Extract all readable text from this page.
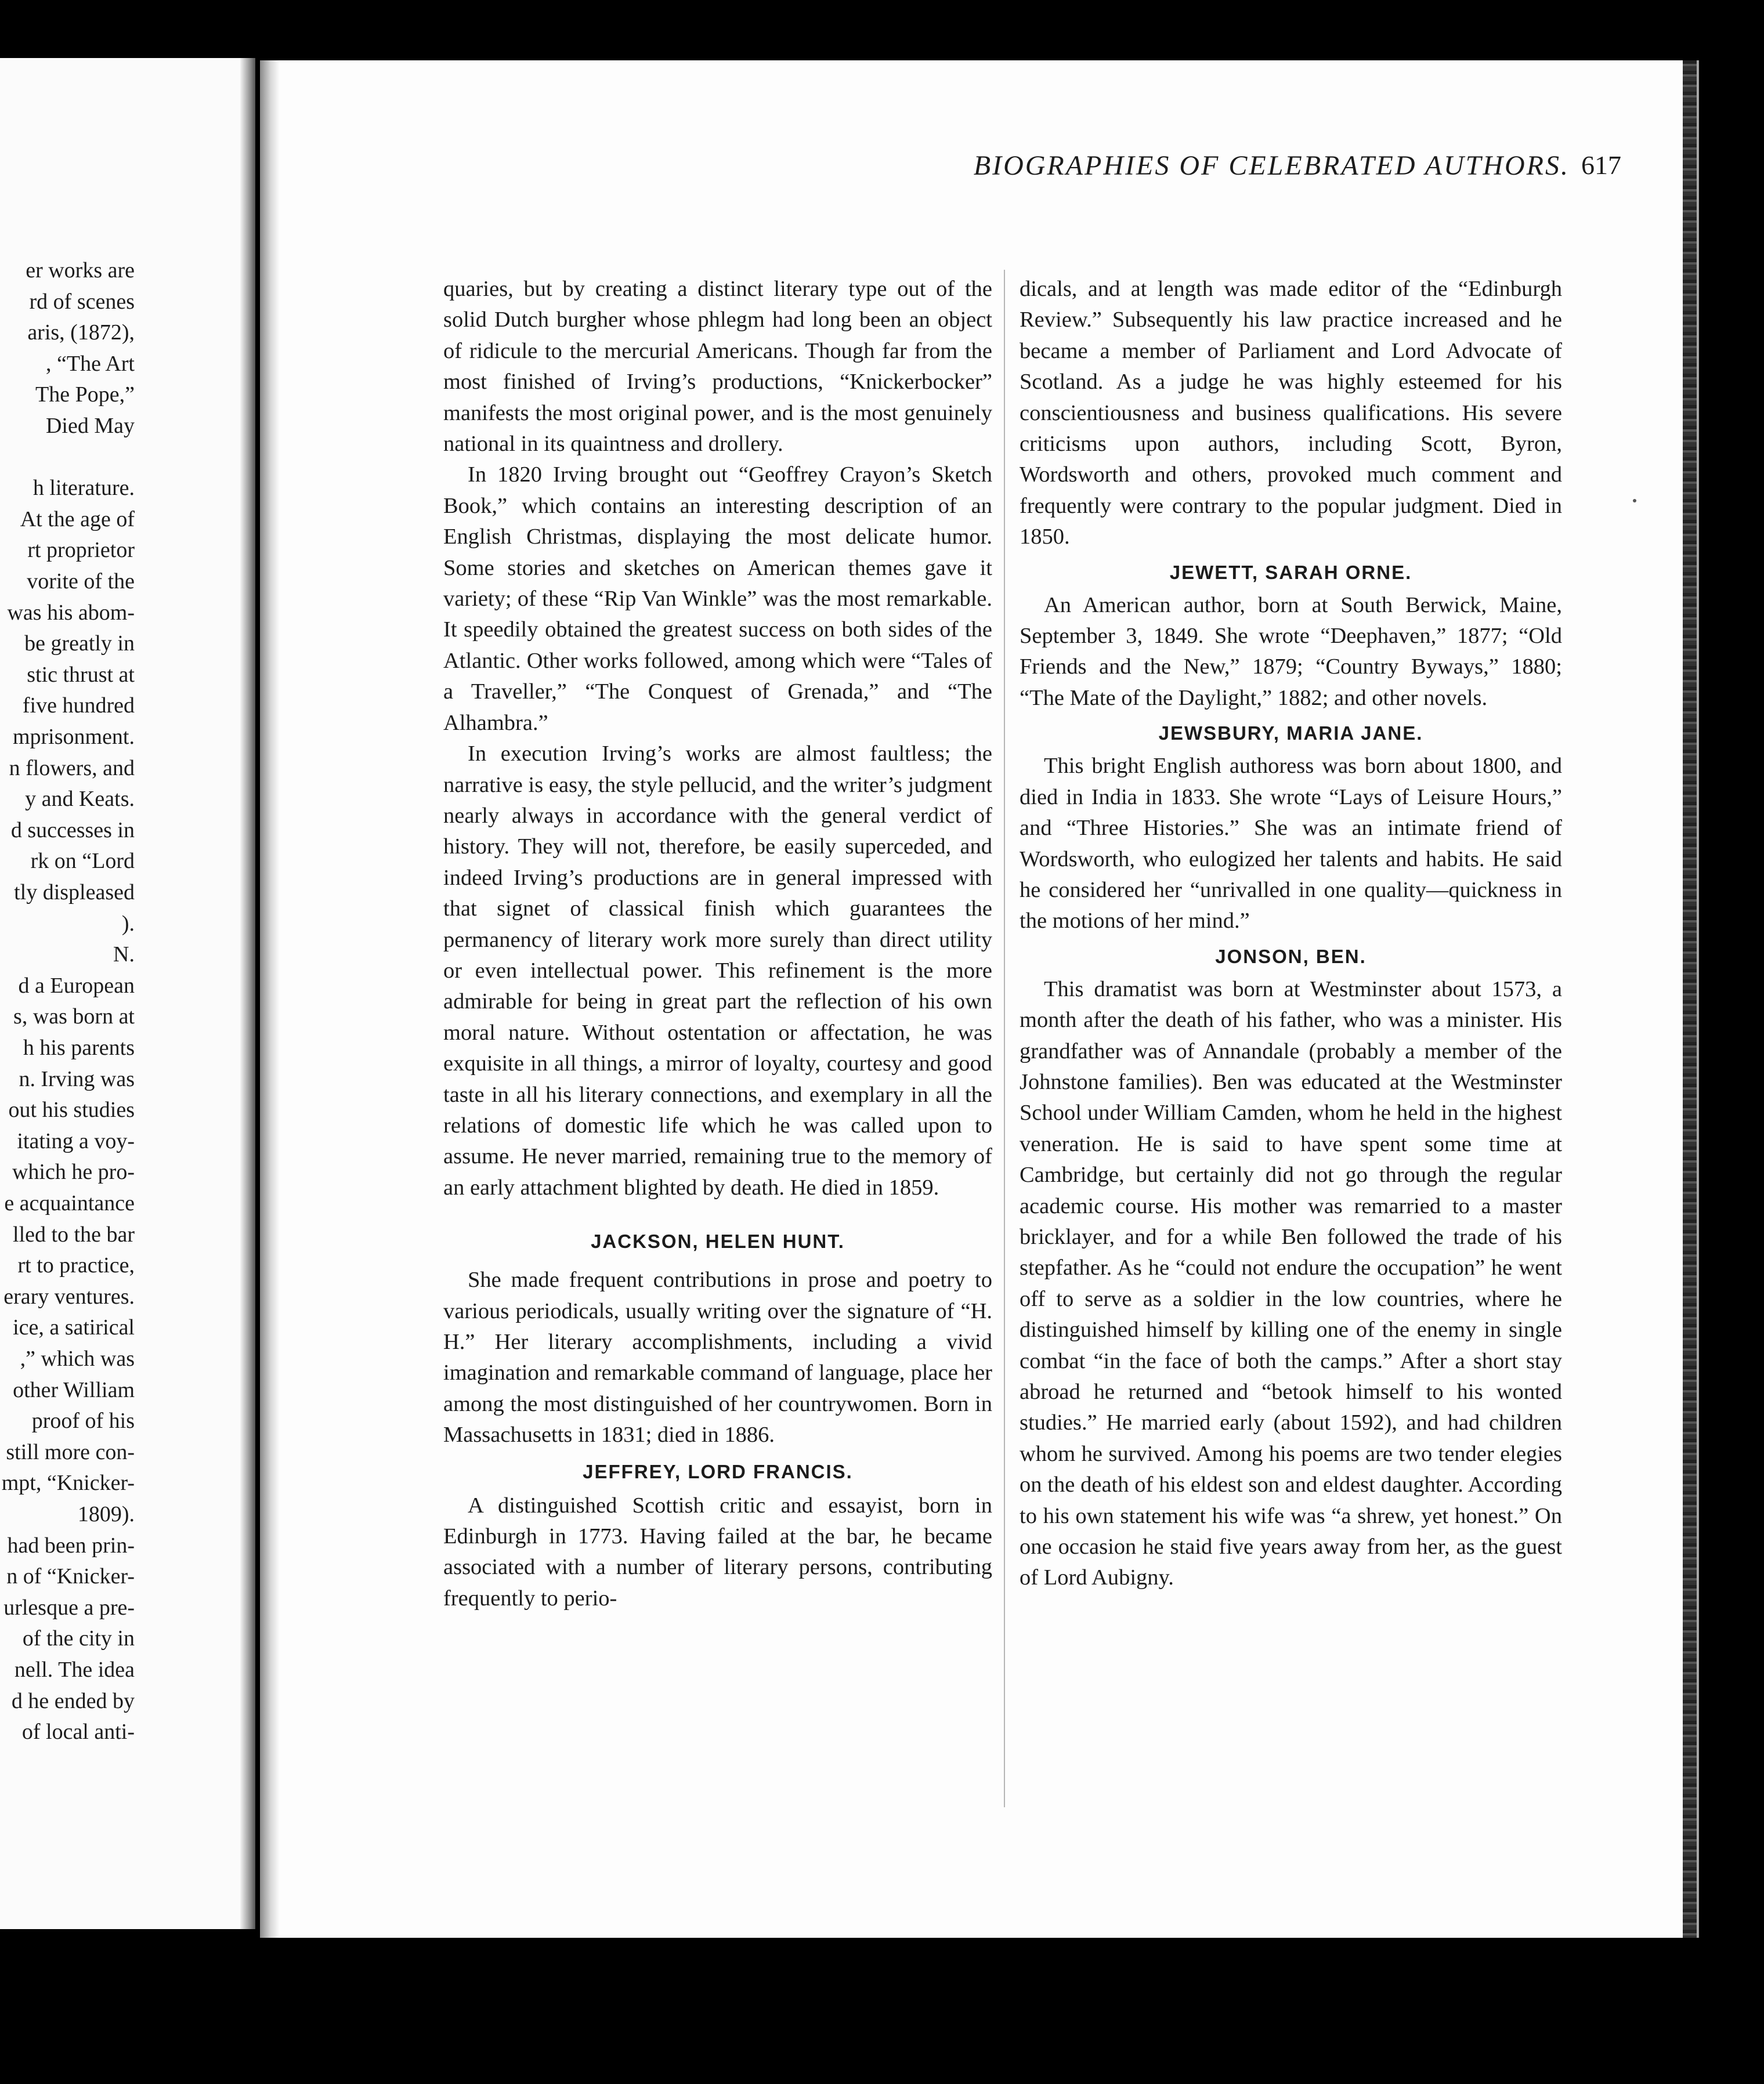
er works are
rd of scenes
aris, (1872),
, “The Art
The Pope,”
Died May
h literature.
At the age of
rt proprietor
vorite of the
was his abom-
be greatly in
stic thrust at
five hundred
mprisonment.
n flowers, and
y and Keats.
d successes in
rk on “Lord
tly displeased
).
N.
d a European
s, was born at
h his parents
n. Irving was
out his studies
itating a voy-
which he pro-
e acquaintance
lled to the bar
rt to practice,
erary ventures.
ice, a satirical
,” which was
other William
proof of his
still more con-
mpt, “Knicker-
1809).
had been prin-
n of “Knicker-
urlesque a pre-
of the city in
nell. The idea
d he ended by
of local anti-
BIOGRAPHIES OF CELEBRATED AUTHORS. 617

quaries, but by creating a distinct literary type out of the solid Dutch burgher whose phlegm had long been an object of ridicule to the mercurial Americans. Though far from the most finished of Irving’s productions, “Knickerbocker” manifests the most original power, and is the most genuinely national in its quaintness and drollery.

In 1820 Irving brought out “Geoffrey Crayon’s Sketch Book,” which contains an interesting description of an English Christmas, displaying the most delicate humor. Some stories and sketches on American themes gave it variety; of these “Rip Van Winkle” was the most remarkable. It speedily obtained the greatest success on both sides of the Atlantic. Other works followed, among which were “Tales of a Traveller,” “The Conquest of Grenada,” and “The Alhambra.”

In execution Irving’s works are almost faultless; the narrative is easy, the style pellucid, and the writer’s judgment nearly always in accordance with the general verdict of history. They will not, therefore, be easily superceded, and indeed Irving’s productions are in general impressed with that signet of classical finish which guarantees the permanency of literary work more surely than direct utility or even intellectual power. This refinement is the more admirable for being in great part the reflection of his own moral nature. Without ostentation or affectation, he was exquisite in all things, a mirror of loyalty, courtesy and good taste in all his literary connections, and exemplary in all the relations of domestic life which he was called upon to assume. He never married, remaining true to the memory of an early attachment blighted by death. He died in 1859.

JACKSON, HELEN HUNT.

She made frequent contributions in prose and poetry to various periodicals, usually writing over the signature of “H. H.” Her literary accomplishments, including a vivid imagination and remarkable command of language, place her among the most distinguished of her countrywomen. Born in Massachusetts in 1831; died in 1886.

JEFFREY, LORD FRANCIS.

A distinguished Scottish critic and essayist, born in Edinburgh in 1773. Having failed at the bar, he became associated with a number of literary persons, contributing frequently to perio-

dicals, and at length was made editor of the “Edinburgh Review.” Subsequently his law practice increased and he became a member of Parliament and Lord Advocate of Scotland. As a judge he was highly esteemed for his conscientiousness and business qualifications. His severe criticisms upon authors, including Scott, Byron, Wordsworth and others, provoked much comment and frequently were contrary to the popular judgment. Died in 1850.

JEWETT, SARAH ORNE.

An American author, born at South Berwick, Maine, September 3, 1849. She wrote “Deephaven,” 1877; “Old Friends and the New,” 1879; “Country Byways,” 1880; “The Mate of the Daylight,” 1882; and other novels.

JEWSBURY, MARIA JANE.

This bright English authoress was born about 1800, and died in India in 1833. She wrote “Lays of Leisure Hours,” and “Three Histories.” She was an intimate friend of Wordsworth, who eulogized her talents and habits. He said he considered her “unrivalled in one quality—quickness in the motions of her mind.”

JONSON, BEN.

This dramatist was born at Westminster about 1573, a month after the death of his father, who was a minister. His grandfather was of Annandale (probably a member of the Johnstone families). Ben was educated at the Westminster School under William Camden, whom he held in the highest veneration. He is said to have spent some time at Cambridge, but certainly did not go through the regular academic course. His mother was remarried to a master bricklayer, and for a while Ben followed the trade of his stepfather. As he “could not endure the occupation” he went off to serve as a soldier in the low countries, where he distinguished himself by killing one of the enemy in single combat “in the face of both the camps.” After a short stay abroad he returned and “betook himself to his wonted studies.” He married early (about 1592), and had children whom he survived. Among his poems are two tender elegies on the death of his eldest son and eldest daughter. According to his own statement his wife was “a shrew, yet honest.” On one occasion he staid five years away from her, as the guest of Lord Aubigny.
